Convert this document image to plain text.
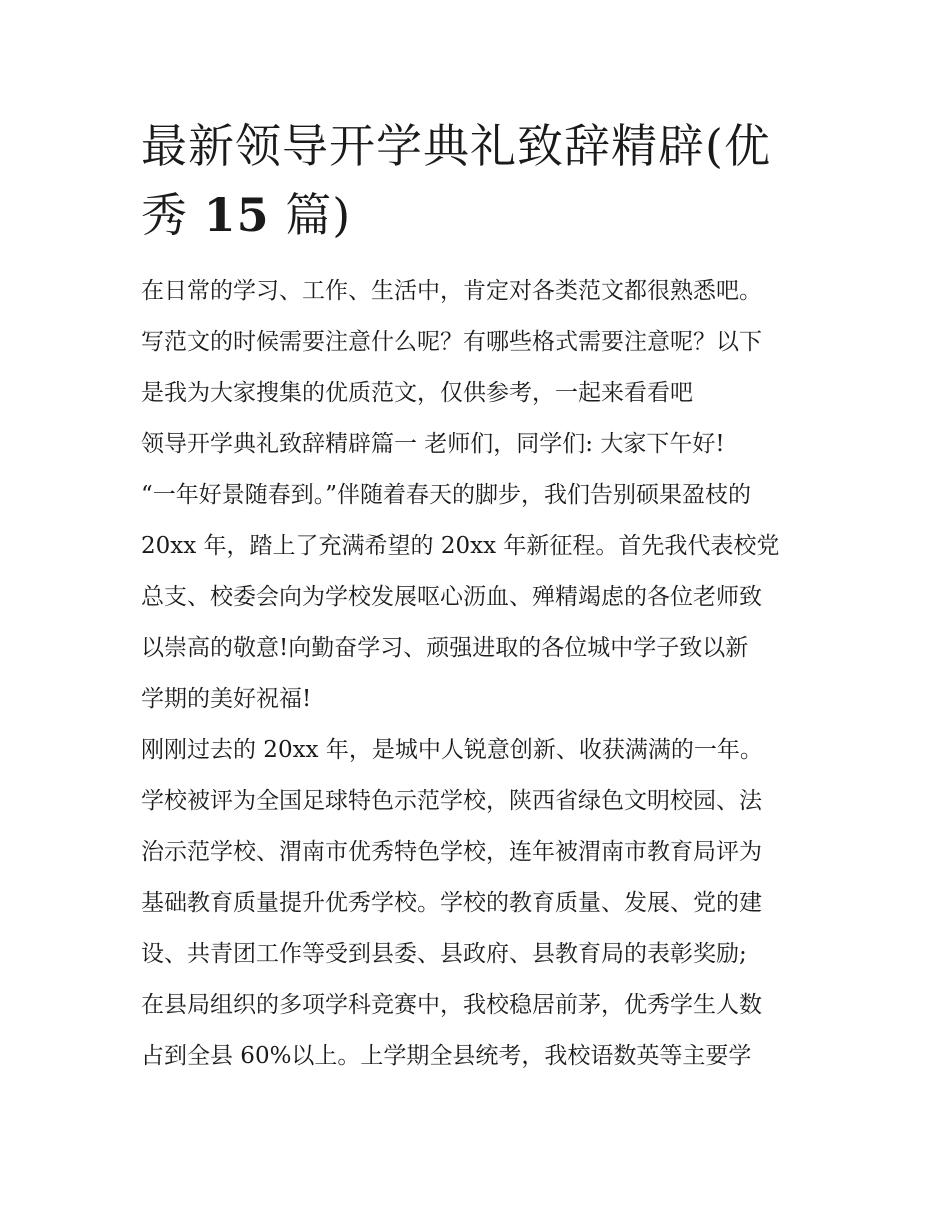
最新领导开学典礼致辞精辟(优
秀 15 篇)
在日常的学习、工作、生活中，肯定对各类范文都很熟悉吧。
写范文的时候需要注意什么呢？有哪些格式需要注意呢？以下
是我为大家搜集的优质范文，仅供参考，一起来看看吧
领导开学典礼致辞精辟篇一 老师们，同学们: 大家下午好!
“一年好景随春到。”伴随着春天的脚步，我们告别硕果盈枝的
20xx 年，踏上了充满希望的 20xx 年新征程。首先我代表校党
总支、校委会向为学校发展呕心沥血、殚精竭虑的各位老师致
以崇高的敬意!向勤奋学习、顽强进取的各位城中学子致以新
学期的美好祝福!
刚刚过去的 20xx 年，是城中人锐意创新、收获满满的一年。
学校被评为全国足球特色示范学校，陕西省绿色文明校园、法
治示范学校、渭南市优秀特色学校，连年被渭南市教育局评为
基础教育质量提升优秀学校。学校的教育质量、发展、党的建
设、共青团工作等受到县委、县政府、县教育局的表彰奖励;
在县局组织的多项学科竞赛中，我校稳居前茅，优秀学生人数
占到全县 60%以上。上学期全县统考，我校语数英等主要学
